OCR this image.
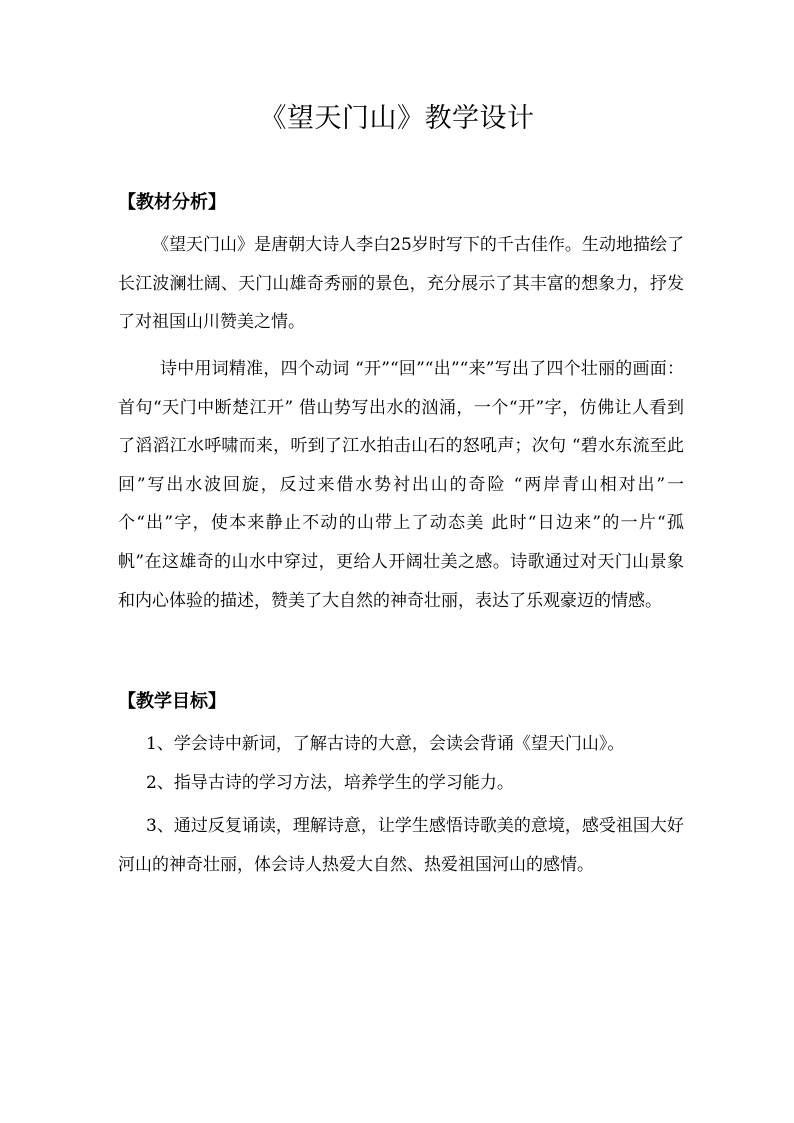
《望天门山》教学设计
【教材分析】
《望天门山》是唐朝大诗人李白25岁时写下的千古佳作。生动地描绘了长江波澜壮阔、天门山雄奇秀丽的景色，充分展示了其丰富的想象力，抒发了对祖国山川赞美之情。
诗中用词精准，四个动词 “开”“回”“出”“来”写出了四个壮丽的画面：首句“天门中断楚江开” 借山势写出水的汹涌，一个“开”字，仿佛让人看到了滔滔江水呼啸而来，听到了江水拍击山石的怒吼声；次句 “碧水东流至此回”写出水波回旋，反过来借水势衬出山的奇险 “两岸青山相对出”一个“出”字，使本来静止不动的山带上了动态美 此时“日边来”的一片“孤帆”在这雄奇的山水中穿过，更给人开阔壮美之感。诗歌通过对天门山景象和内心体验的描述，赞美了大自然的神奇壮丽，表达了乐观豪迈的情感。
【教学目标】
1、学会诗中新词，了解古诗的大意，会读会背诵《望天门山》。
2、指导古诗的学习方法，培养学生的学习能力。
3、通过反复诵读，理解诗意，让学生感悟诗歌美的意境，感受祖国大好河山的神奇壮丽，体会诗人热爱大自然、热爱祖国河山的感情。
